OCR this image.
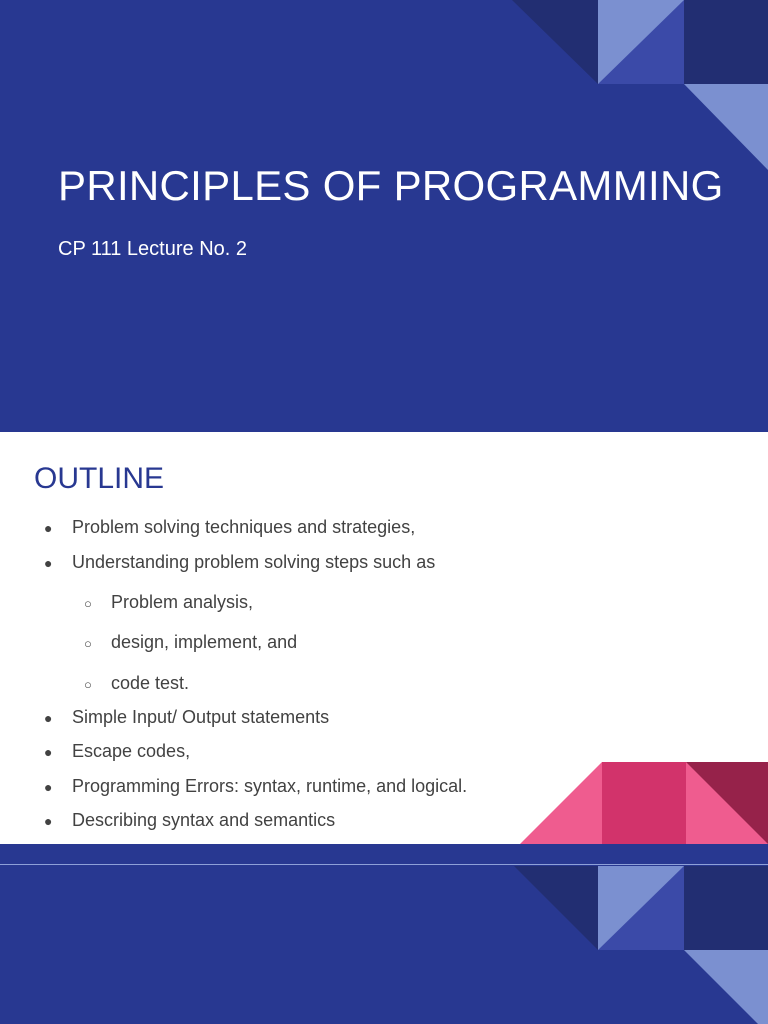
PRINCIPLES OF PROGRAMMING
CP 111 Lecture No. 2
OUTLINE
● Problem solving techniques and strategies,
● Understanding problem solving steps such as
○ Problem analysis,
○ design, implement, and
○ code test.
● Simple Input/ Output statements
● Escape codes,
● Programming Errors: syntax, runtime, and logical.
● Describing syntax and semantics
